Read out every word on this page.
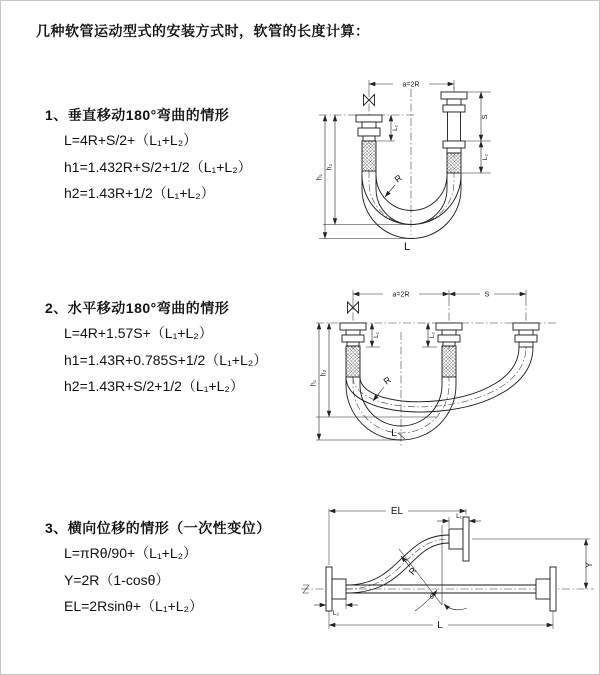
几种软管运动型式的安装方式时，软管的长度计算：
1、垂直移动180°弯曲的情形
L=4R+S/2+（L₁+L₂）
h1=1.432R+S/2+1/2（L₁+L₂）
h2=1.43R+1/2（L₁+L₂）
2、水平移动180°弯曲的情形
L=4R+1.57S+（L₁+L₂）
h1=1.43R+0.785S+1/2（L₁+L₂）
h2=1.43R+S/2+1/2（L₁+L₂）
3、横向位移的情形（一次性变位）
L=πRθ/90+（L₁+L₂）
Y=2R（1-cosθ）
EL=2Rsinθ+（L₁+L₂）
a=2R
L₁
S
L₂
h₁
h₂
R
L
a=2R	S
L₁	L₂
h₁
h₂
R
L
θ
EL	L₁
Y
L
L₂
R
